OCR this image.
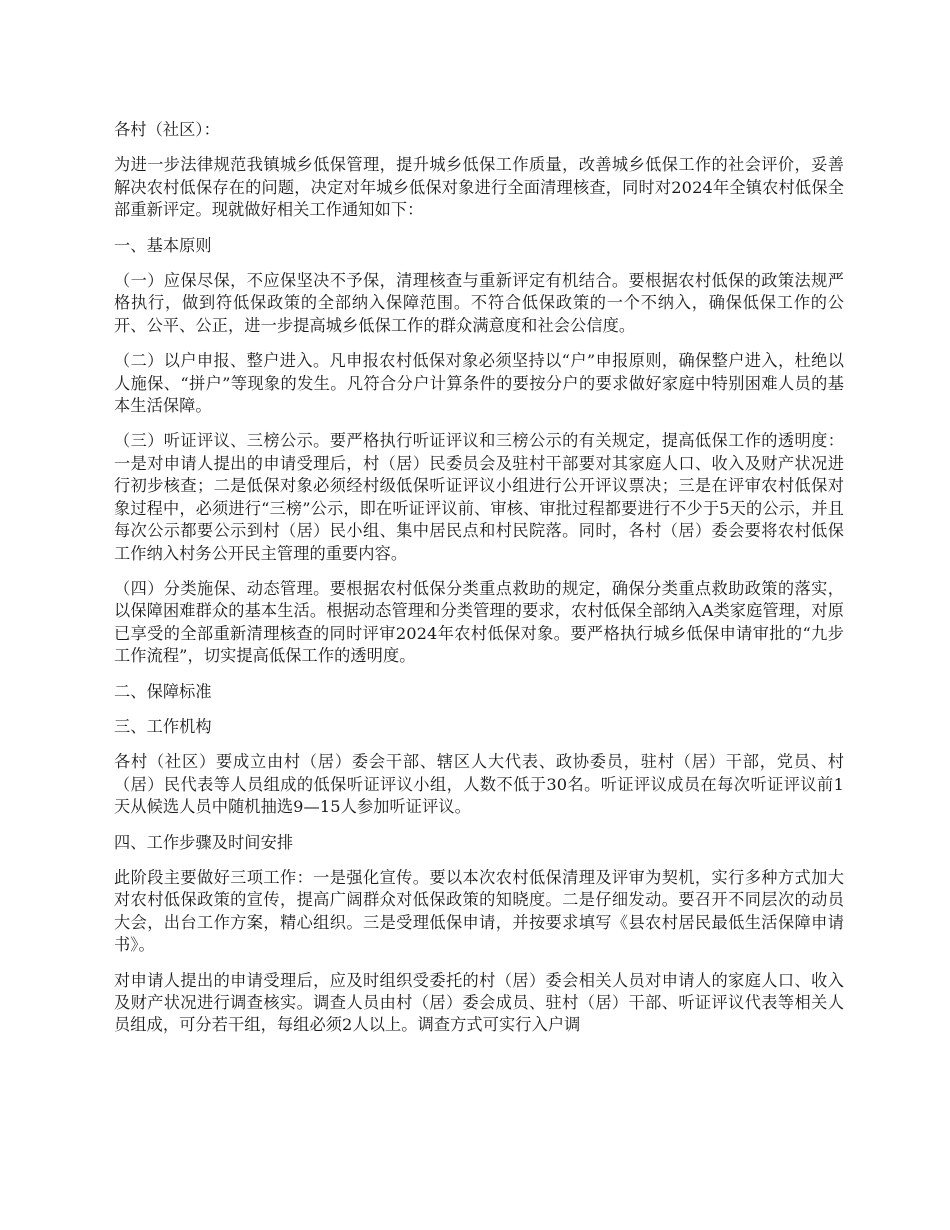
各村（社区）：

为进一步法律规范我镇城乡低保管理，提升城乡低保工作质量，改善城乡低保工作的社会评价，妥善解决农村低保存在的问题，决定对年城乡低保对象进行全面清理核查，同时对2024年全镇农村低保全部重新评定。现就做好相关工作通知如下：

一、基本原则

（一）应保尽保，不应保坚决不予保，清理核查与重新评定有机结合。要根据农村低保的政策法规严格执行，做到符低保政策的全部纳入保障范围。不符合低保政策的一个不纳入，确保低保工作的公开、公平、公正，进一步提高城乡低保工作的群众满意度和社会公信度。

（二）以户申报、整户进入。凡申报农村低保对象必须坚持以“户”申报原则，确保整户进入，杜绝以人施保、“拼户”等现象的发生。凡符合分户计算条件的要按分户的要求做好家庭中特别困难人员的基本生活保障。

（三）听证评议、三榜公示。要严格执行听证评议和三榜公示的有关规定，提高低保工作的透明度：一是对申请人提出的申请受理后，村（居）民委员会及驻村干部要对其家庭人口、收入及财产状况进行初步核查；二是低保对象必须经村级低保听证评议小组进行公开评议票决；三是在评审农村低保对象过程中，必须进行“三榜”公示，即在听证评议前、审核、审批过程都要进行不少于5天的公示，并且每次公示都要公示到村（居）民小组、集中居民点和村民院落。同时，各村（居）委会要将农村低保工作纳入村务公开民主管理的重要内容。

（四）分类施保、动态管理。要根据农村低保分类重点救助的规定，确保分类重点救助政策的落实，以保障困难群众的基本生活。根据动态管理和分类管理的要求，农村低保全部纳入A类家庭管理，对原已享受的全部重新清理核查的同时评审2024年农村低保对象。要严格执行城乡低保申请审批的“九步工作流程”，切实提高低保工作的透明度。

二、保障标准

三、工作机构

各村（社区）要成立由村（居）委会干部、辖区人大代表、政协委员，驻村（居）干部，党员、村（居）民代表等人员组成的低保听证评议小组，人数不低于30名。听证评议成员在每次听证评议前1天从候选人员中随机抽选9—15人参加听证评议。

四、工作步骤及时间安排

此阶段主要做好三项工作：一是强化宣传。要以本次农村低保清理及评审为契机，实行多种方式加大对农村低保政策的宣传，提高广阔群众对低保政策的知晓度。二是仔细发动。要召开不同层次的动员大会，出台工作方案，精心组织。三是受理低保申请，并按要求填写《县农村居民最低生活保障申请书》。

对申请人提出的申请受理后，应及时组织受委托的村（居）委会相关人员对申请人的家庭人口、收入及财产状况进行调查核实。调查人员由村（居）委会成员、驻村（居）干部、听证评议代表等相关人员组成，可分若干组，每组必须2人以上。调查方式可实行入户调
